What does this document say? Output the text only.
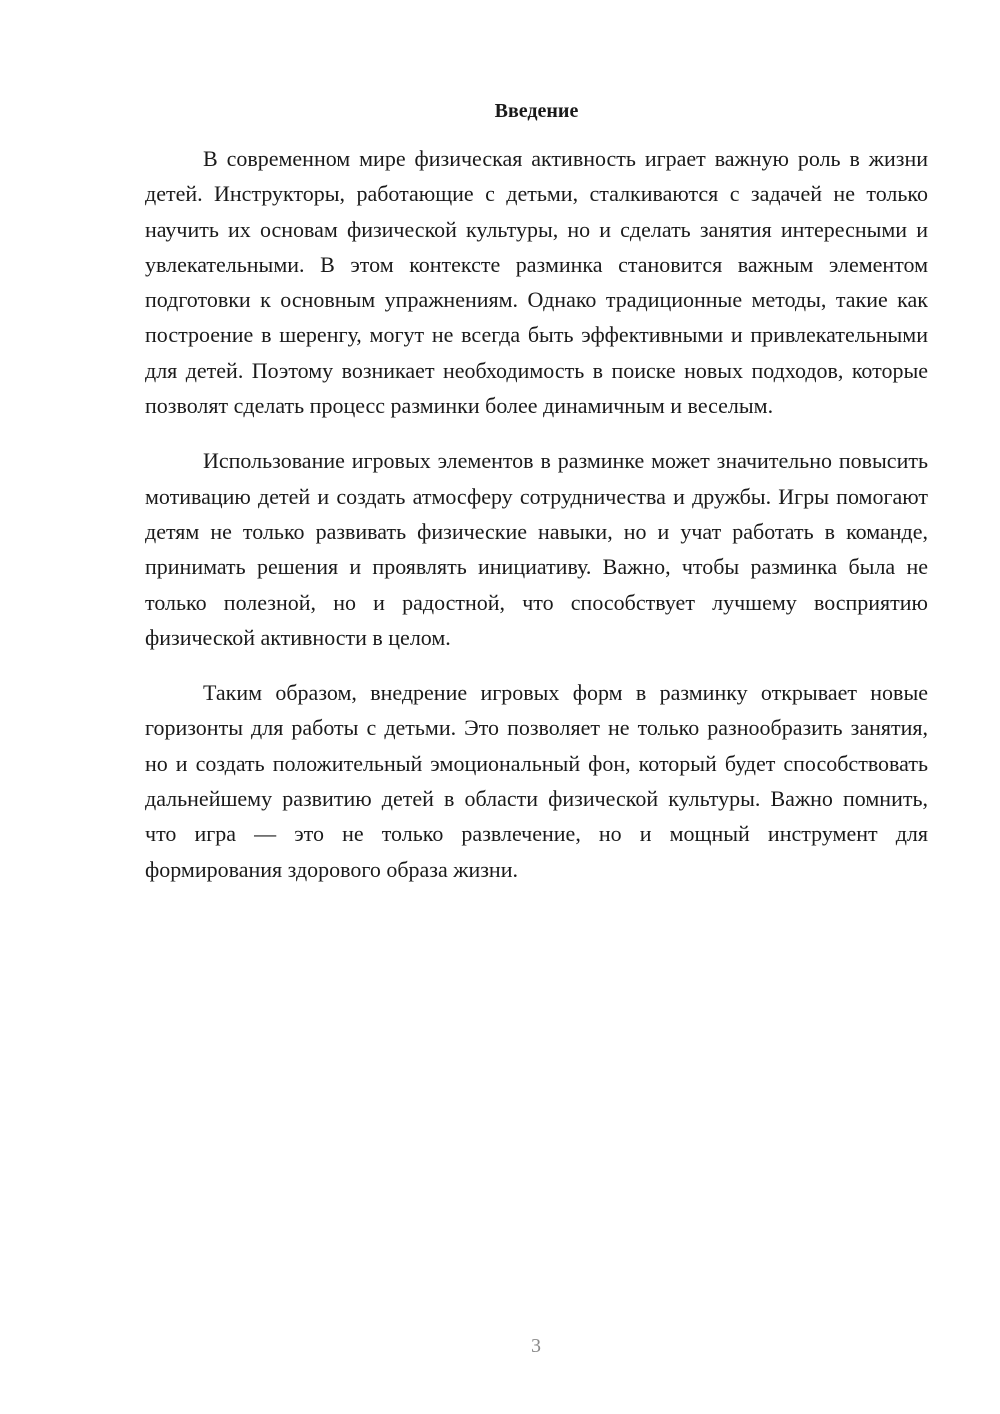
Введение

В современном мире физическая активность играет важную роль в жизни детей. Инструкторы, работающие с детьми, сталкиваются с задачей не только научить их основам физической культуры, но и сделать занятия интересными и увлекательными. В этом контексте разминка становится важным элементом подготовки к основным упражнениям. Однако традиционные методы, такие как построение в шеренгу, могут не всегда быть эффективными и привлекательными для детей. Поэтому возникает необходимость в поиске новых подходов, которые позволят сделать процесс разминки более динамичным и веселым.

Использование игровых элементов в разминке может значительно повысить мотивацию детей и создать атмосферу сотрудничества и дружбы. Игры помогают детям не только развивать физические навыки, но и учат работать в команде, принимать решения и проявлять инициативу. Важно, чтобы разминка была не только полезной, но и радостной, что способствует лучшему восприятию физической активности в целом.

Таким образом, внедрение игровых форм в разминку открывает новые горизонты для работы с детьми. Это позволяет не только разнообразить занятия, но и создать положительный эмоциональный фон, который будет способствовать дальнейшему развитию детей в области физической культуры. Важно помнить, что игра — это не только развлечение, но и мощный инструмент для формирования здорового образа жизни.

3
